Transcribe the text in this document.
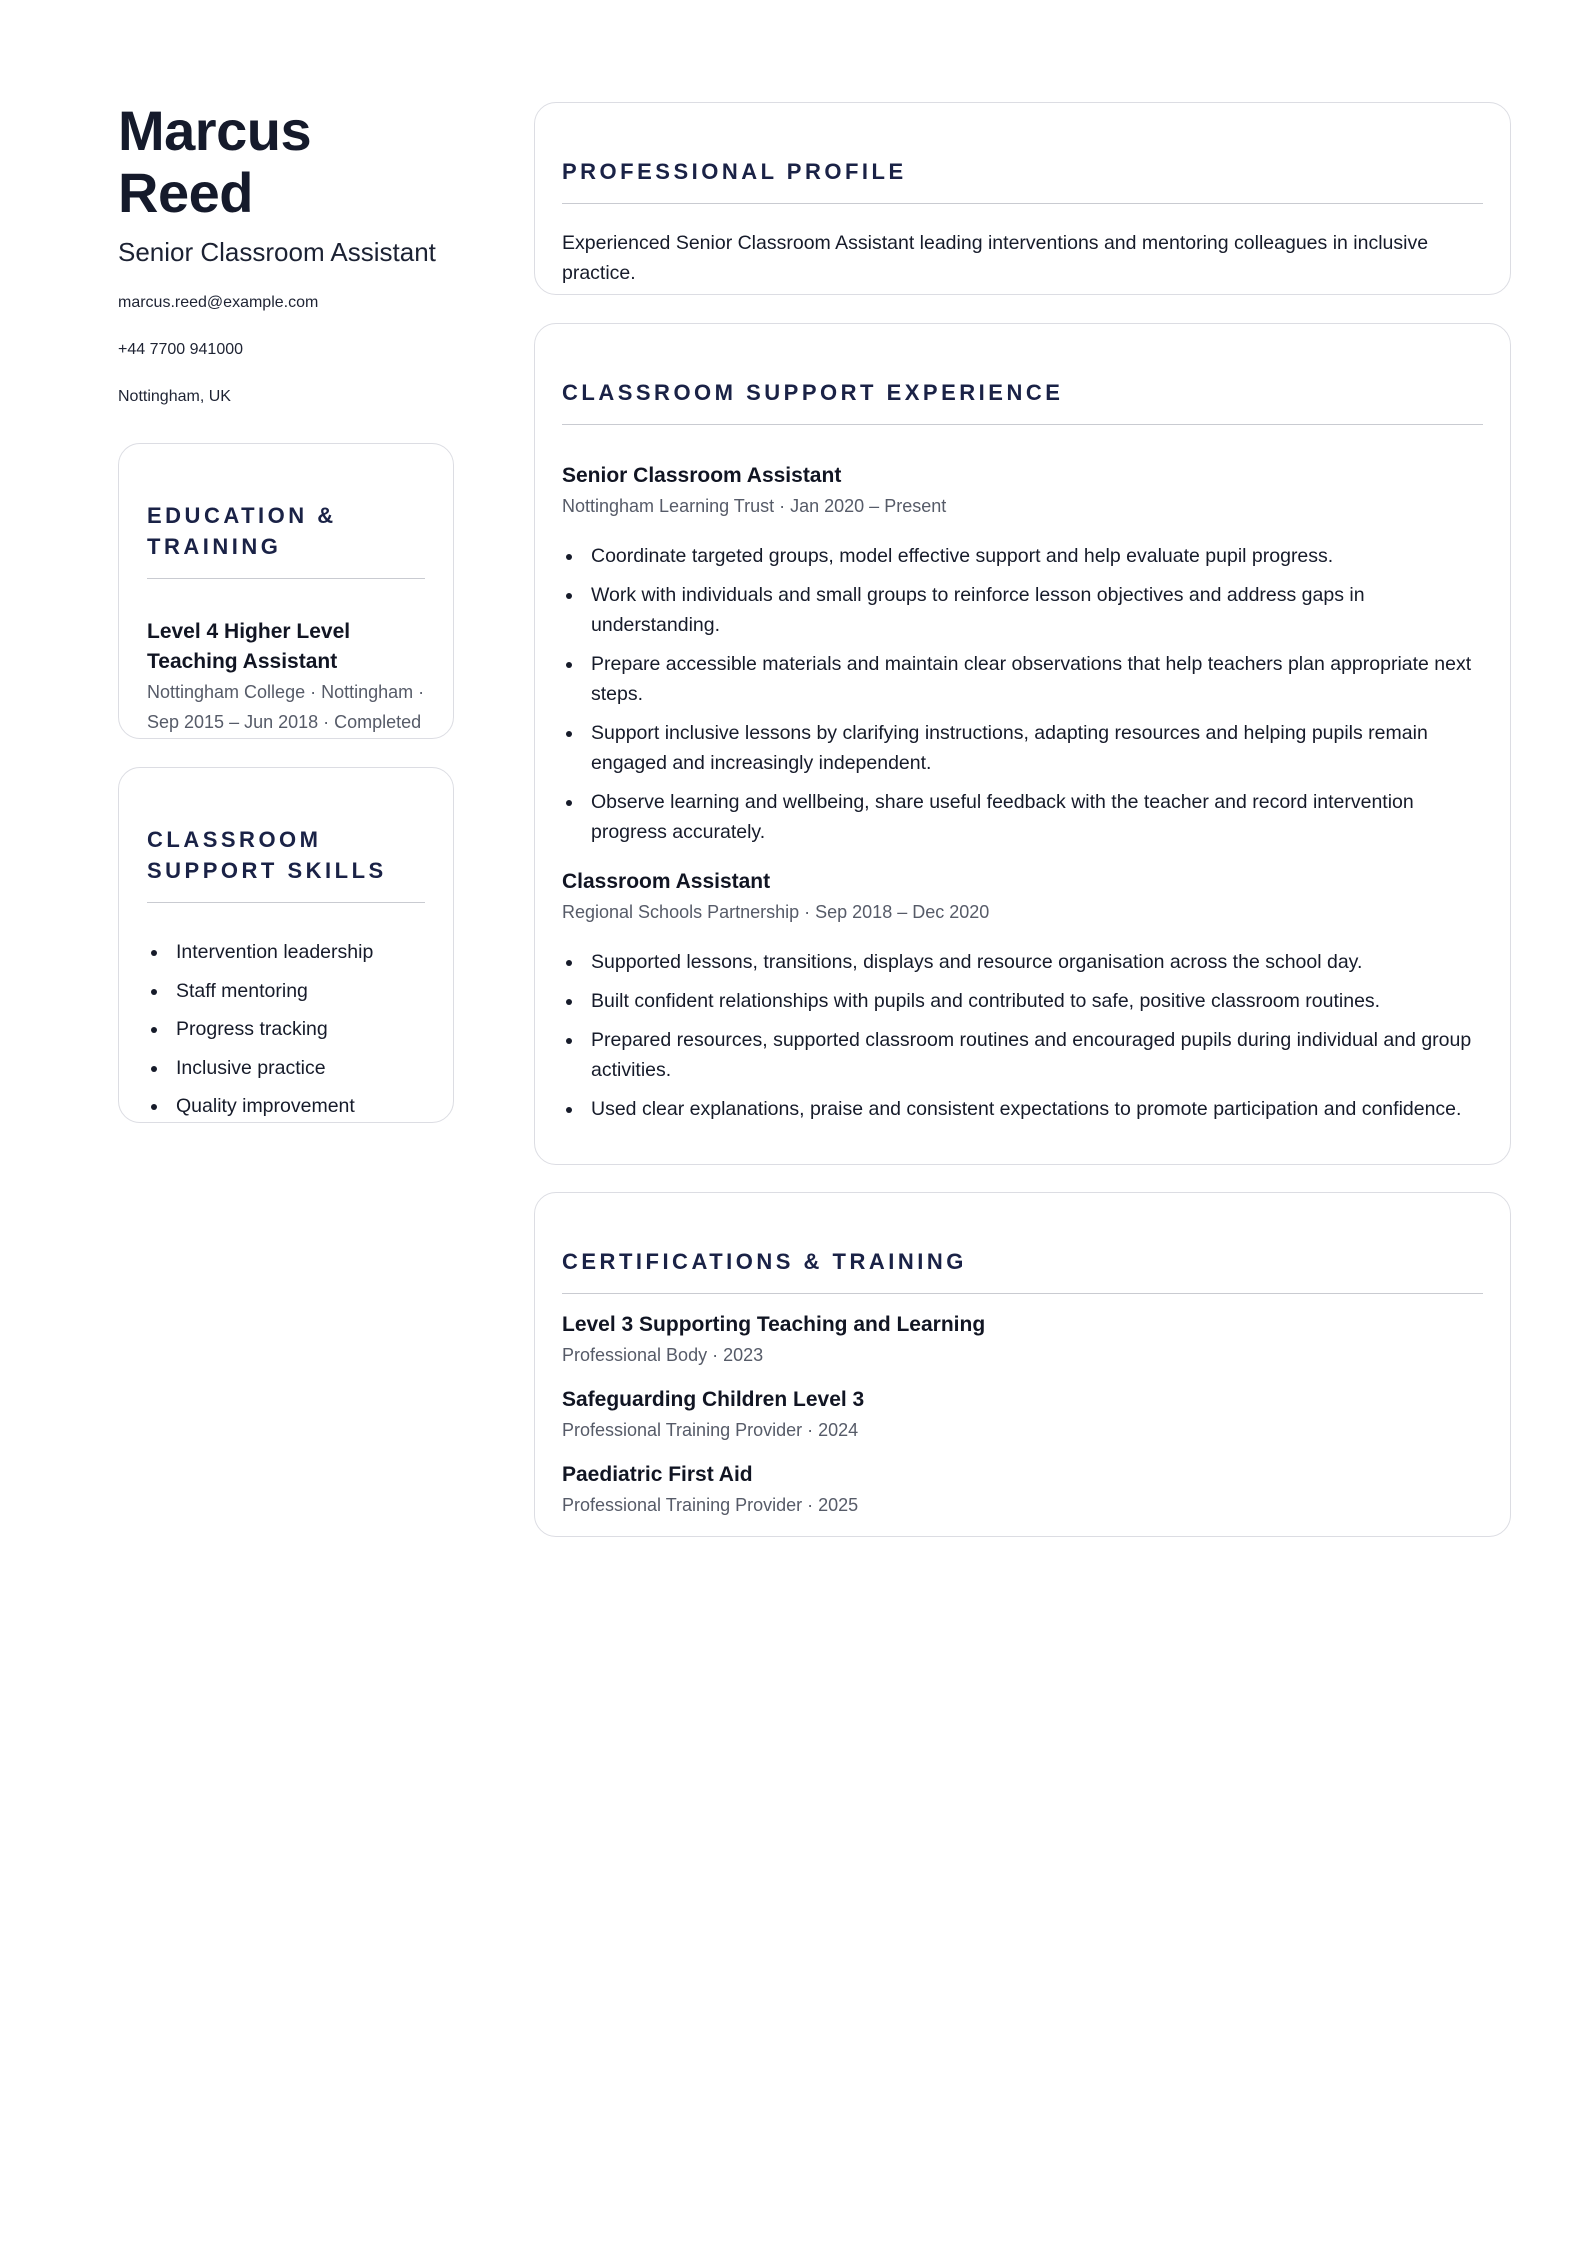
Marcus Reed
Senior Classroom Assistant
marcus.reed@example.com
+44 7700 941000
Nottingham, UK
EDUCATION & TRAINING
Level 4 Higher Level Teaching Assistant
Nottingham College · Nottingham · Sep 2015 – Jun 2018 · Completed
CLASSROOM SUPPORT SKILLS
Intervention leadership
Staff mentoring
Progress tracking
Inclusive practice
Quality improvement
PROFESSIONAL PROFILE
Experienced Senior Classroom Assistant leading interventions and mentoring colleagues in inclusive practice.
CLASSROOM SUPPORT EXPERIENCE
Senior Classroom Assistant
Nottingham Learning Trust · Jan 2020 – Present
Coordinate targeted groups, model effective support and help evaluate pupil progress.
Work with individuals and small groups to reinforce lesson objectives and address gaps in understanding.
Prepare accessible materials and maintain clear observations that help teachers plan appropriate next steps.
Support inclusive lessons by clarifying instructions, adapting resources and helping pupils remain engaged and increasingly independent.
Observe learning and wellbeing, share useful feedback with the teacher and record intervention progress accurately.
Classroom Assistant
Regional Schools Partnership · Sep 2018 – Dec 2020
Supported lessons, transitions, displays and resource organisation across the school day.
Built confident relationships with pupils and contributed to safe, positive classroom routines.
Prepared resources, supported classroom routines and encouraged pupils during individual and group activities.
Used clear explanations, praise and consistent expectations to promote participation and confidence.
CERTIFICATIONS & TRAINING
Level 3 Supporting Teaching and Learning
Professional Body · 2023
Safeguarding Children Level 3
Professional Training Provider · 2024
Paediatric First Aid
Professional Training Provider · 2025
